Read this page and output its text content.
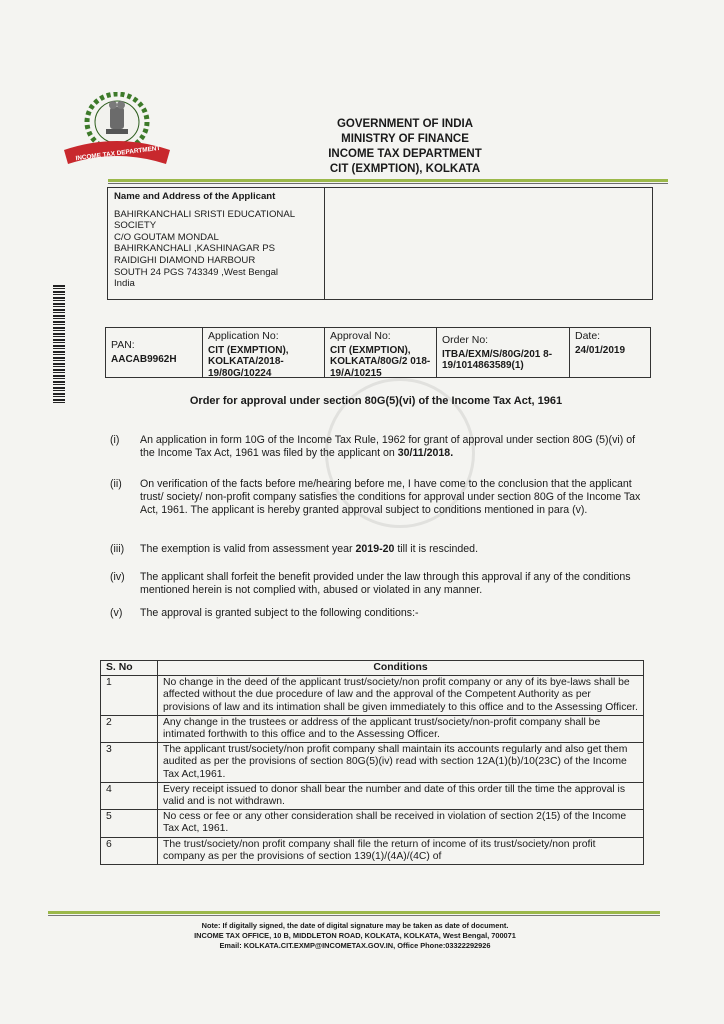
INCOME TAX DEPARTMENT
GOVERNMENT OF INDIA
MINISTRY OF FINANCE
INCOME TAX DEPARTMENT
CIT (EXMPTION), KOLKATA
Name and Address of the Applicant
BAHIRKANCHALI SRISTI EDUCATIONAL
SOCIETY
C/O GOUTAM MONDAL
BAHIRKANCHALI ,KASHINAGAR PS
RAIDIGHI DIAMOND HARBOUR
SOUTH 24 PGS 743349 ,West Bengal
India
PAN:
AACAB9962H
Application No:
CIT (EXMPTION), KOLKATA/2018-19/80G/10224
Approval No:
CIT (EXMPTION), KOLKATA/80G/2 018-19/A/10215
Order No:
ITBA/EXM/S/80G/201 8-19/1014863589(1)
Date:
24/01/2019
Order for approval under section 80G(5)(vi) of the Income Tax Act, 1961
(i)	An application in form 10G of the Income Tax Rule, 1962 for grant of approval under section 80G (5)(vi) of the Income Tax Act, 1961 was filed by the applicant on 30/11/2018.
(ii)	On verification of the facts before me/hearing before me, I have come to the conclusion that the applicant trust/ society/ non-profit company satisfies the conditions for approval under section 80G of the Income Tax Act, 1961. The applicant is hereby granted approval subject to conditions mentioned in para (v).
(iii)	The exemption is valid from assessment year 2019-20 till it is rescinded.
(iv)	The applicant shall forfeit the benefit provided under the law through this approval if any of the conditions mentioned herein is not complied with, abused or violated in any manner.
(v)	The approval is granted subject to the following conditions:-
S. No	Conditions
1	No change in the deed of the applicant trust/society/non profit company or any of its bye-laws shall be affected without the due procedure of law and the approval of the Competent Authority as per provisions of law and its intimation shall be given immediately to this office and to the Assessing Officer.
2	Any change in the trustees or address of the applicant trust/society/non-profit company shall be intimated forthwith to this office and to the Assessing Officer.
3	The applicant trust/society/non profit company shall maintain its accounts regularly and also get them audited as per the provisions of section 80G(5)(iv) read with section 12A(1)(b)/10(23C) of the Income Tax Act,1961.
4	Every receipt issued to donor shall bear the number and date of this order till the time the approval is valid and is not withdrawn.
5	No cess or fee or any other consideration shall be received in violation of section 2(15) of the Income Tax Act, 1961.
6	The trust/society/non profit company shall file the return of income of its trust/society/non profit company as per the provisions of section 139(1)/(4A)/(4C) of
Note: If digitally signed, the date of digital signature may be taken as date of document.
INCOME TAX OFFICE, 10 B, MIDDLETON ROAD, KOLKATA, KOLKATA, West Bengal, 700071
Email: KOLKATA.CIT.EXMP@INCOMETAX.GOV.IN, Office Phone:03322292926
